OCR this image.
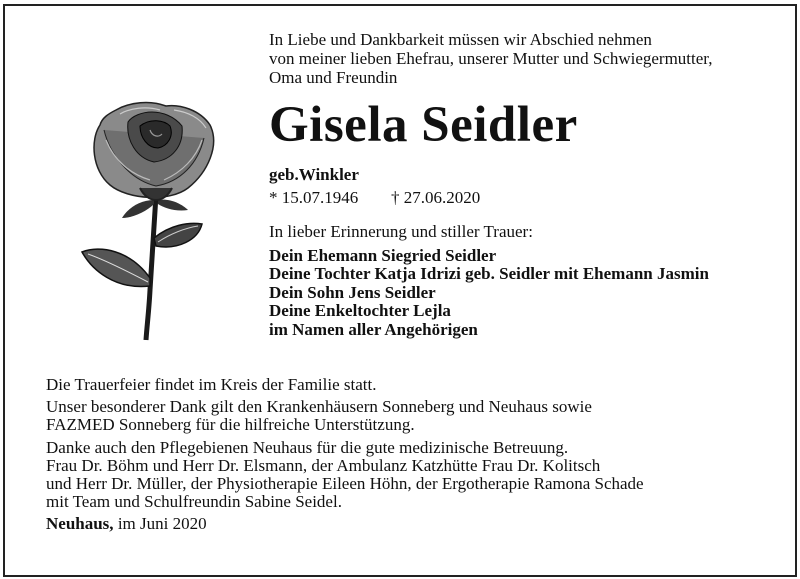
In Liebe und Dankbarkeit müssen wir Abschied nehmen
von meiner lieben Ehefrau, unserer Mutter und Schwiegermutter,
Oma und Freundin

Gisela Seidler

geb.Winkler

* 15.07.1946 † 27.06.2020

In lieber Erinnerung und stiller Trauer:

Dein Ehemann Siegried Seidler
Deine Tochter Katja Idrizi geb. Seidler mit Ehemann Jasmin
Dein Sohn Jens Seidler
Deine Enkeltochter Lejla
im Namen aller Angehörigen

Die Trauerfeier findet im Kreis der Familie statt.

Unser besonderer Dank gilt den Krankenhäusern Sonneberg und Neuhaus sowie
FAZMED Sonneberg für die hilfreiche Unterstützung.

Danke auch den Pflegebienen Neuhaus für die gute medizinische Betreuung.
Frau Dr. Böhm und Herr Dr. Elsmann, der Ambulanz Katzhütte Frau Dr. Kolitsch
und Herr Dr. Müller, der Physiotherapie Eileen Höhn, der Ergotherapie Ramona Schade
mit Team und Schulfreundin Sabine Seidel.

Neuhaus, im Juni 2020
